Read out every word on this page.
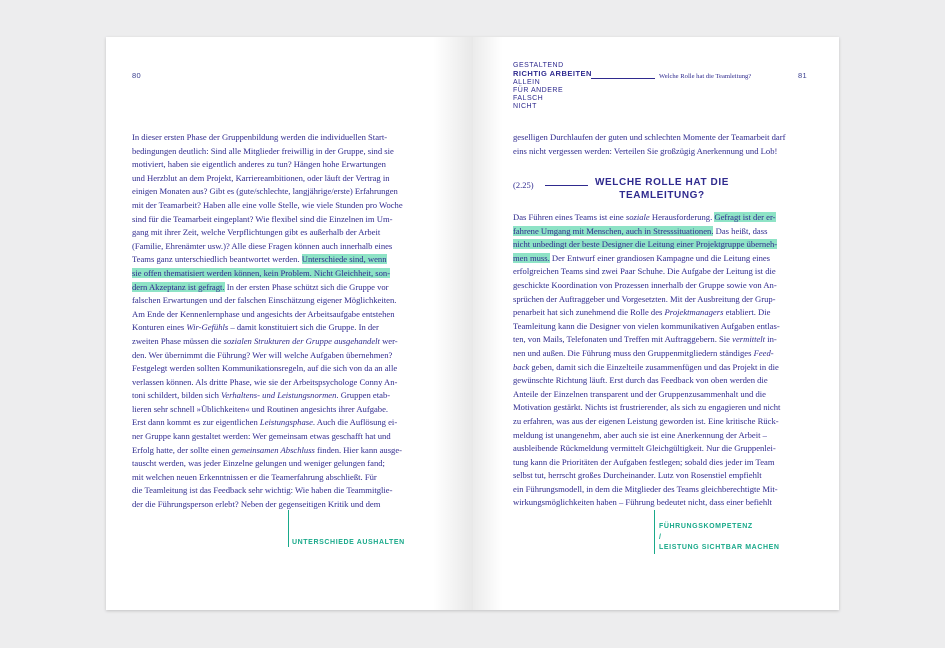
80
In dieser ersten Phase der Gruppenbildung werden die individuellen Start-
bedingungen deutlich: Sind alle Mitglieder freiwillig in der Gruppe, sind sie
motiviert, haben sie eigentlich anderes zu tun? Hängen hohe Erwartungen
und Herzblut an dem Projekt, Karriereambitionen, oder läuft der Vertrag in
einigen Monaten aus? Gibt es (gute/schlechte, langjährige/erste) Erfahrungen
mit der Teamarbeit? Haben alle eine volle Stelle, wie viele Stunden pro Woche
sind für die Teamarbeit eingeplant? Wie flexibel sind die Einzelnen im Um-
gang mit ihrer Zeit, welche Verpflichtungen gibt es außerhalb der Arbeit
(Familie, Ehrenämter usw.)? Alle diese Fragen können auch innerhalb eines
Teams ganz unterschiedlich beantwortet werden. Unterschiede sind, wenn
sie offen thematisiert werden können, kein Problem. Nicht Gleichheit, son-
dern Akzeptanz ist gefragt. In der ersten Phase schützt sich die Gruppe vor
falschen Erwartungen und der falschen Einschätzung eigener Möglichkeiten.
Am Ende der Kennenlernphase und angesichts der Arbeitsaufgabe entstehen
Konturen eines Wir-Gefühls – damit konstituiert sich die Gruppe. In der
zweiten Phase müssen die sozialen Strukturen der Gruppe ausgehandelt wer-
den. Wer übernimmt die Führung? Wer will welche Aufgaben übernehmen?
Festgelegt werden sollten Kommunikationsregeln, auf die sich von da an alle
verlassen können. Als dritte Phase, wie sie der Arbeitspsychologe Conny An-
tonі schildert, bilden sich Verhaltens- und Leistungsnormen. Gruppen etab-
lieren sehr schnell »Üblichkeiten« und Routinen angesichts ihrer Aufgabe.
Erst dann kommt es zur eigentlichen Leistungsphase. Auch die Auflösung ei-
ner Gruppe kann gestaltet werden: Wer gemeinsam etwas geschafft hat und
Erfolg hatte, der sollte einen gemeinsamen Abschluss finden. Hier kann ausge-
tauscht werden, was jeder Einzelne gelungen und weniger gelungen fand;
mit welchen neuen Erkenntnissen er die Teamerfahrung abschließt. Für
die Teamleitung ist das Feedback sehr wichtig: Wie haben die Teammitglie-
der die Führungsperson erlebt? Neben der gegenseitigen Kritik und dem
UNTERSCHIEDE AUSHALTEN
GESTALTEND
RICHTIG ARBEITEN
ALLEIN
FÜR ANDERE
FALSCH
NICHT
Welche Rolle hat die Teamleitung?	81
geselligen Durchlaufen der guten und schlechten Momente der Teamarbeit darf
eins nicht vergessen werden: Verteilen Sie großzügig Anerkennung und Lob!
(2.25)	WELCHE ROLLE HAT DIE TEAMLEITUNG?
Das Führen eines Teams ist eine soziale Herausforderung. Gefragt ist der er-
fahrene Umgang mit Menschen, auch in Stresssituationen. Das heißt, dass
nicht unbedingt der beste Designer die Leitung einer Projektgruppe überneh-
men muss. Der Entwurf einer grandiosen Kampagne und die Leitung eines
erfolgreichen Teams sind zwei Paar Schuhe. Die Aufgabe der Leitung ist die
geschickte Koordination von Prozessen innerhalb der Gruppe sowie von An-
sprüchen der Auftraggeber und Vorgesetzten. Mit der Ausbreitung der Grup-
penarbeit hat sich zunehmend die Rolle des Projektmanagers etabliert. Die
Teamleitung kann die Designer von vielen kommunikativen Aufgaben entlas-
ten, von Mails, Telefonaten und Treffen mit Auftraggebern. Sie vermittelt in-
nen und außen. Die Führung muss den Gruppenmitgliedern ständiges Feed-
back geben, damit sich die Einzelteile zusammenfügen und das Projekt in die
gewünschte Richtung läuft. Erst durch das Feedback von oben werden die
Anteile der Einzelnen transparent und der Gruppenzusammenhalt und die
Motivation gestärkt. Nichts ist frustrierender, als sich zu engagieren und nicht
zu erfahren, was aus der eigenen Leistung geworden ist. Eine kritische Rück-
meldung ist unangenehm, aber auch sie ist eine Anerkennung der Arbeit –
ausbleibende Rückmeldung vermittelt Gleichgültigkeit. Nur die Gruppenlei-
tung kann die Prioritäten der Aufgaben festlegen; sobald dies jeder im Team
selbst tut, herrscht großes Durcheinander. Lutz von Rosenstiel empfiehlt
ein Führungsmodell, in dem die Mitglieder des Teams gleichberechtigte Mit-
wirkungsmöglichkeiten haben – Führung bedeutet nicht, dass einer befiehlt
FÜHRUNGSKOMPETENZ
/
LEISTUNG SICHTBAR MACHEN
